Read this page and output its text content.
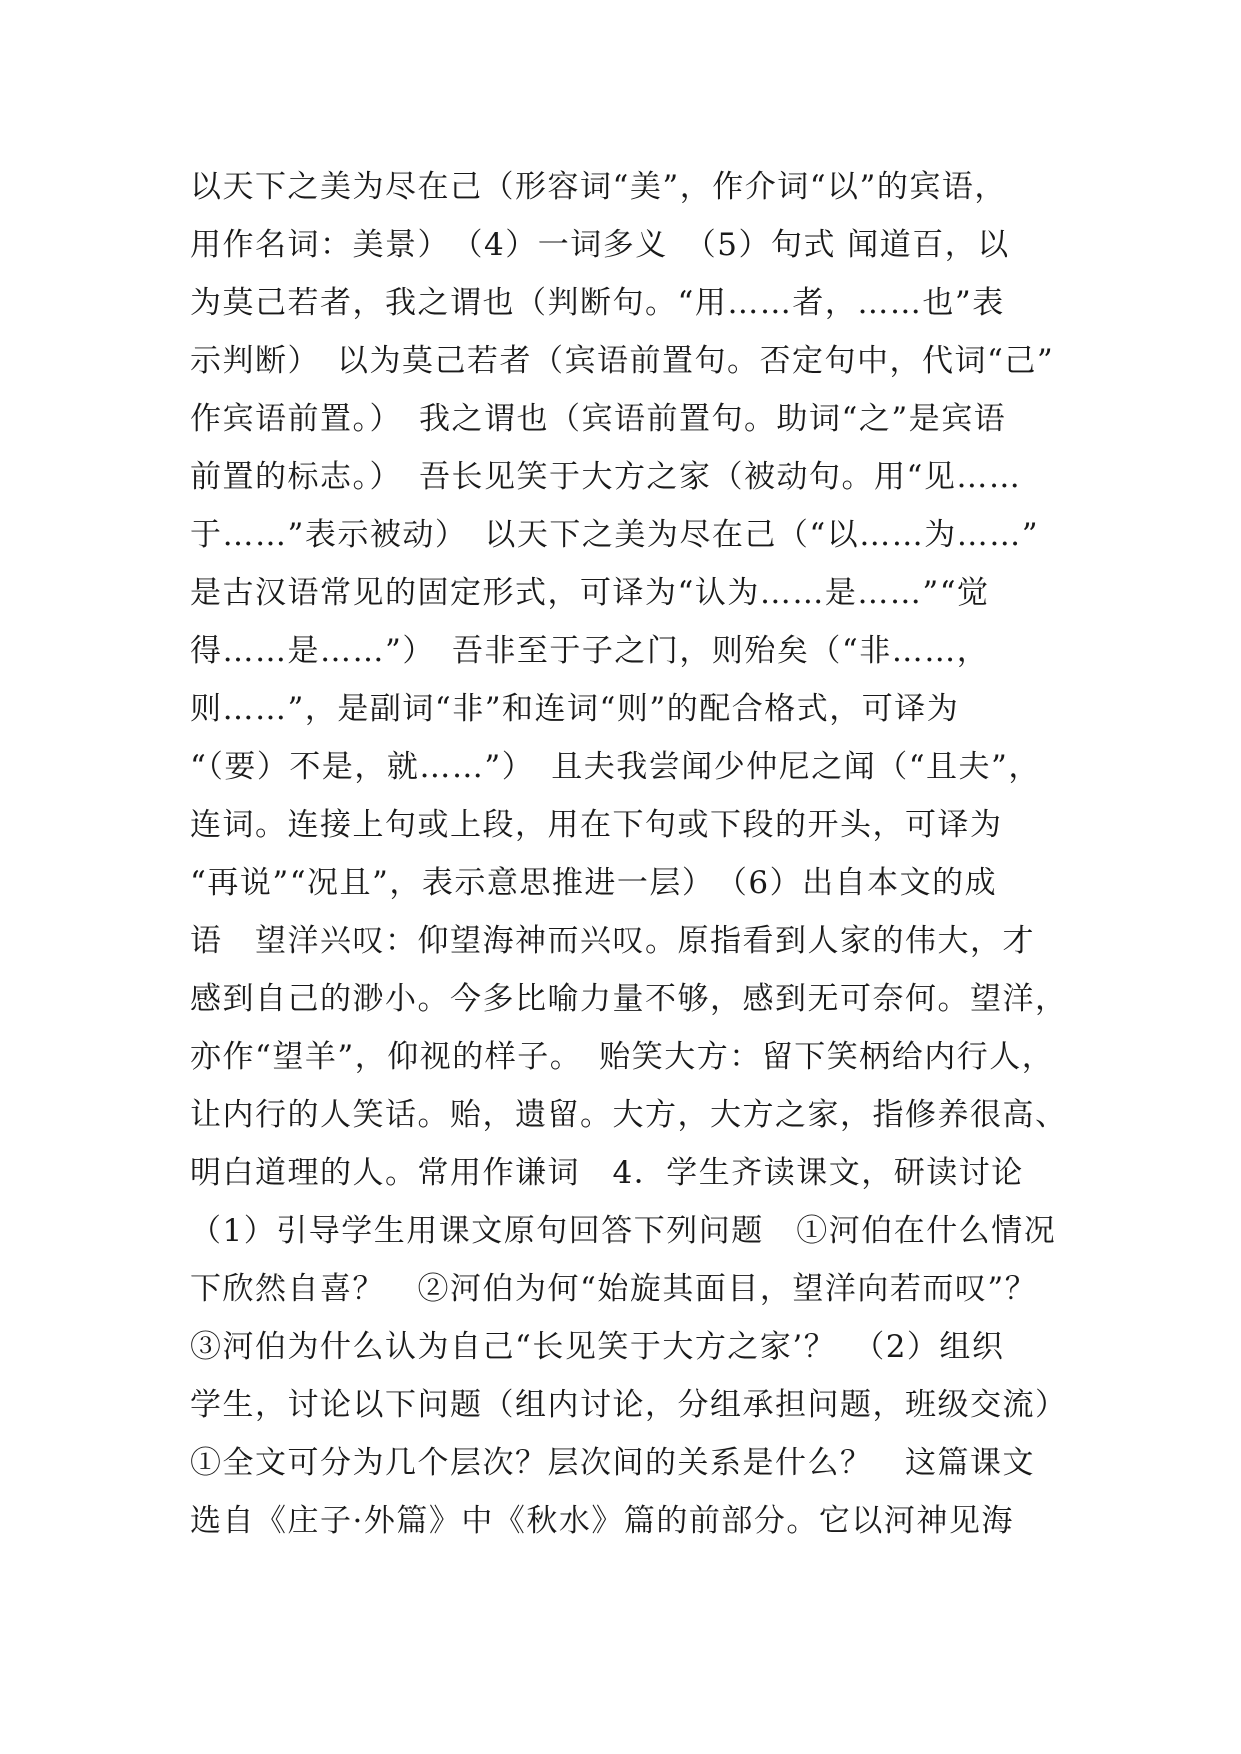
以天下之美为尽在己（形容词“美”，作介词“以”的宾语，
用作名词：美景）　（4）一词多义　（5）句式 闻道百，以
为莫己若者，我之谓也（判断句。“用……者，……也”表
示判断）　以为莫己若者（宾语前置句。否定句中，代词“己”
作宾语前置。）　我之谓也（宾语前置句。助词“之”是宾语
前置的标志。）　吾长见笑于大方之家（被动句。用“见……
于……”表示被动）　以天下之美为尽在己（“以……为……”
是古汉语常见的固定形式，可译为“认为……是……”“觉
得……是……”）　吾非至于子之门，则殆矣（“非……，
则……”，是副词“非”和连词“则”的配合格式，可译为
“（要）不是，就……”）　且夫我尝闻少仲尼之闻（“且夫”，
连词。连接上句或上段，用在下句或下段的开头，可译为
“再说”“况且”，表示意思推进一层）　（6）出自本文的成
语　望洋兴叹：仰望海神而兴叹。原指看到人家的伟大，才
感到自己的渺小。今多比喻力量不够，感到无可奈何。望洋，
亦作“望羊”，仰视的样子。　贻笑大方：留下笑柄给内行人，
让内行的人笑话。贻，遗留。大方，大方之家，指修养很高、
明白道理的人。常用作谦词　4．学生齐读课文，研读讨论
（1）引导学生用课文原句回答下列问题　①河伯在什么情况
下欣然自喜？　②河伯为何“始旋其面目，望洋向若而叹”？
③河伯为什么认为自己“长见笑于大方之家’？　（2）组织
学生，讨论以下问题（组内讨论，分组承担问题，班级交流）
①全文可分为几个层次？层次间的关系是什么？　这篇课文
选自《庄子·外篇》中《秋水》篇的前部分。它以河神见海
